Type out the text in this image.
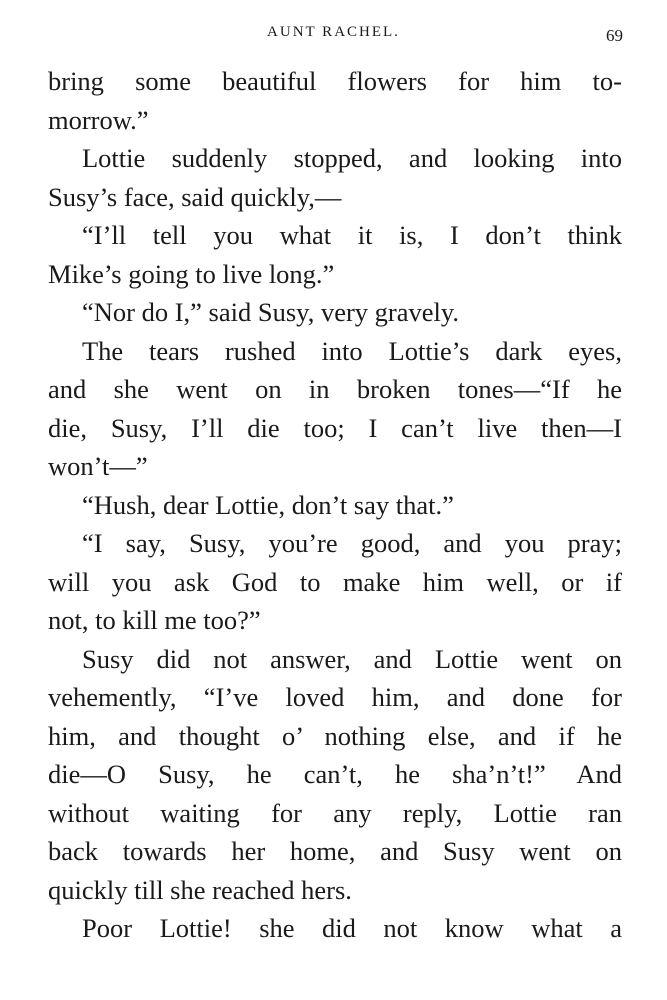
AUNT RACHEL.	69
bring some beautiful flowers for him to-
morrow.”
Lottie suddenly stopped, and looking into
Susy’s face, said quickly,—
“I’ll tell you what it is, I don’t think
Mike’s going to live long.”
“Nor do I,” said Susy, very gravely.
The tears rushed into Lottie’s dark eyes,
and she went on in broken tones—“If he
die, Susy, I’ll die too; I can’t live then—I
won’t—”
“Hush, dear Lottie, don’t say that.”
“I say, Susy, you’re good, and you pray;
will you ask God to make him well, or if
not, to kill me too?”
Susy did not answer, and Lottie went on
vehemently, “I’ve loved him, and done for
him, and thought o’ nothing else, and if he
die—O Susy, he can’t, he sha’n’t!” And
without waiting for any reply, Lottie ran
back towards her home, and Susy went on
quickly till she reached hers.
Poor Lottie! she did not know what a
